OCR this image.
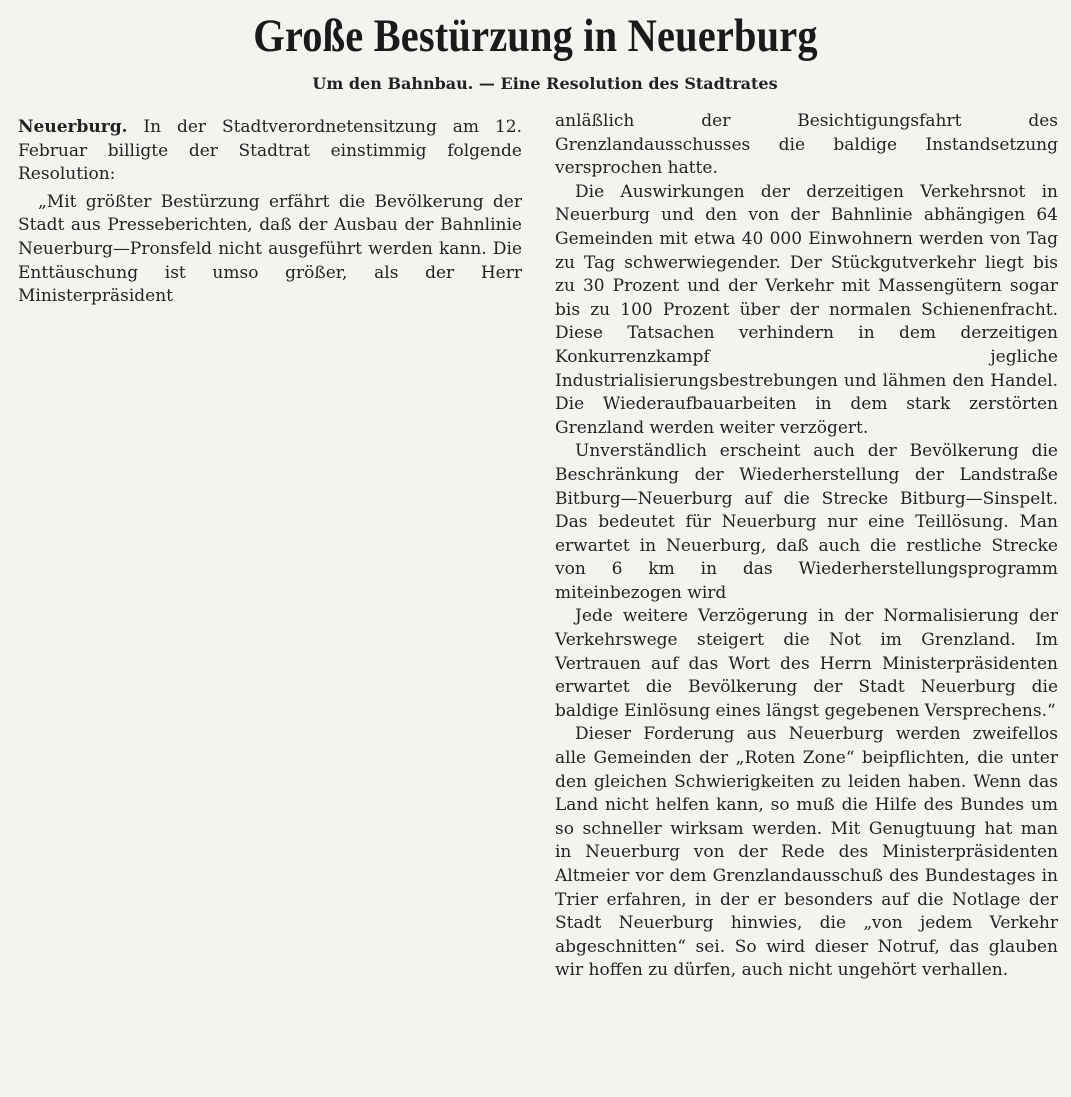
Große Bestürzung in Neuerburg
Um den Bahnbau. — Eine Resolution des Stadtrates

Neuerburg. In der Stadtverordnetensitzung am 12. Februar billigte der Stadtrat einstimmig folgende Resolution:

„Mit größter Bestürzung erfährt die Bevölkerung der Stadt aus Presseberichten, daß der Ausbau der Bahnlinie Neuerburg—Pronsfeld nicht ausgeführt werden kann. Die Enttäuschung ist umso größer, als der Herr Ministerpräsident

anläßlich der Besichtigungsfahrt des Grenzlandausschusses die baldige Instandsetzung versprochen hatte.

Die Auswirkungen der derzeitigen Verkehrsnot in Neuerburg und den von der Bahnlinie abhängigen 64 Gemeinden mit etwa 40 000 Einwohnern werden von Tag zu Tag schwerwiegender. Der Stückgutverkehr liegt bis zu 30 Prozent und der Verkehr mit Massengütern sogar bis zu 100 Prozent über der normalen Schienenfracht. Diese Tatsachen verhindern in dem derzeitigen Konkurrenzkampf jegliche Industrialisierungsbestrebungen und lähmen den Handel. Die Wiederaufbauarbeiten in dem stark zerstörten Grenzland werden weiter verzögert.

Unverständlich erscheint auch der Bevölkerung die Beschränkung der Wiederherstellung der Landstraße Bitburg—Neuerburg auf die Strecke Bitburg—Sinspelt. Das bedeutet für Neuerburg nur eine Teillösung. Man erwartet in Neuerburg, daß auch die restliche Strecke von 6 km in das Wiederherstellungsprogramm miteinbezogen wird

Jede weitere Verzögerung in der Normalisierung der Verkehrswege steigert die Not im Grenzland. Im Vertrauen auf das Wort des Herrn Ministerpräsidenten erwartet die Bevölkerung der Stadt Neuerburg die baldige Einlösung eines längst gegebenen Versprechens.“

Dieser Forderung aus Neuerburg werden zweifellos alle Gemeinden der „Roten Zone“ beipflichten, die unter den gleichen Schwierigkeiten zu leiden haben. Wenn das Land nicht helfen kann, so muß die Hilfe des Bundes um so schneller wirksam werden. Mit Genugtuung hat man in Neuerburg von der Rede des Ministerpräsidenten Altmeier vor dem Grenzlandausschuß des Bundestages in Trier erfahren, in der er besonders auf die Notlage der Stadt Neuerburg hinwies, die „von jedem Verkehr abgeschnitten“ sei. So wird dieser Notruf, das glauben wir hoffen zu dürfen, auch nicht ungehört verhallen.
